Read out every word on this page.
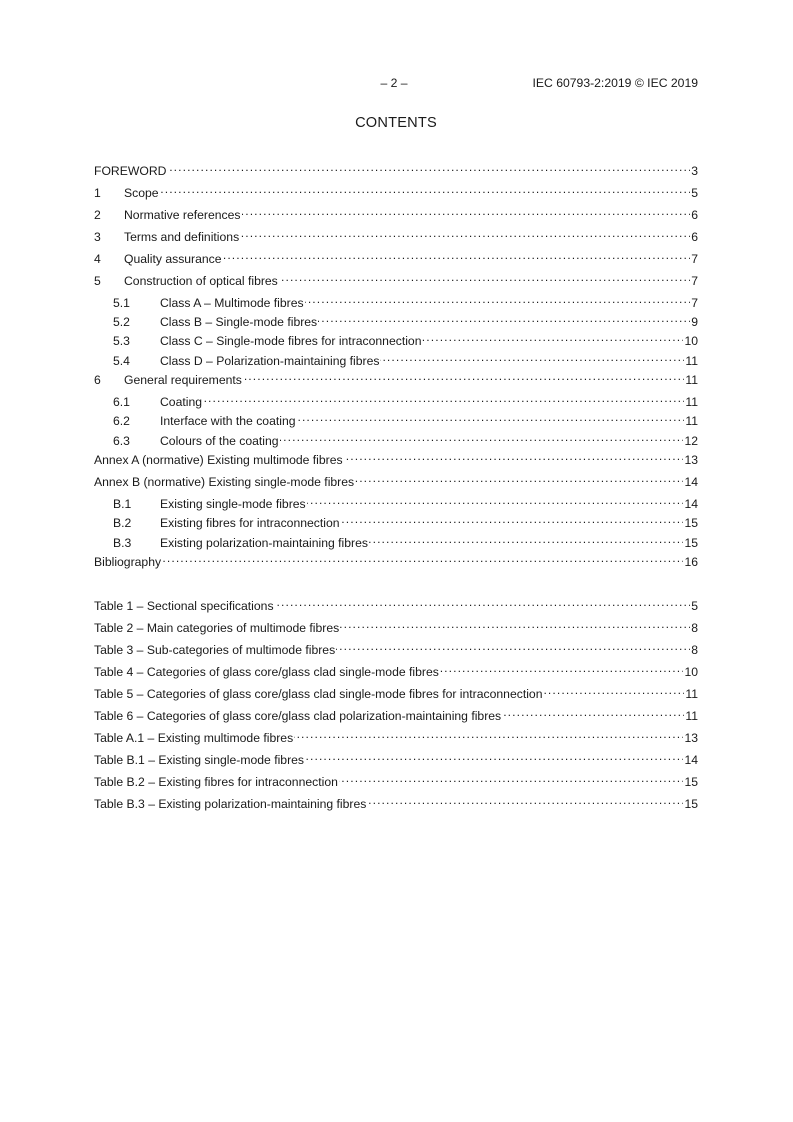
– 2 –	IEC 60793-2:2019 © IEC 2019
CONTENTS
FOREWORD . . .	3
1	Scope . . .	5
2	Normative references . . .	6
3	Terms and definitions . . .	6
4	Quality assurance . . .	7
5	Construction of optical fibres . . .	7
5.1	Class A – Multimode fibres . . .	7
5.2	Class B – Single-mode fibres . . .	9
5.3	Class C – Single-mode fibres for intraconnection . . .	10
5.4	Class D – Polarization-maintaining fibres . . .	11
6	General requirements . . .	11
6.1	Coating . . .	11
6.2	Interface with the coating . . .	11
6.3	Colours of the coating . . .	12
Annex A (normative) Existing multimode fibres . . .	13
Annex B (normative) Existing single-mode fibres . . .	14
B.1	Existing single-mode fibres . . .	14
B.2	Existing fibres for intraconnection . . .	15
B.3	Existing polarization-maintaining fibres . . .	15
Bibliography . . .	16
Table 1 – Sectional specifications . . .	5
Table 2 – Main categories of multimode fibres . . .	8
Table 3 – Sub-categories of multimode fibres . . .	8
Table 4 – Categories of glass core/glass clad single-mode fibres . . .	10
Table 5 – Categories of glass core/glass clad single-mode fibres for intraconnection . . .	11
Table 6 – Categories of glass core/glass clad polarization-maintaining fibres . . .	11
Table A.1 – Existing multimode fibres . . .	13
Table B.1 – Existing single-mode fibres . . .	14
Table B.2 – Existing fibres for intraconnection . . .	15
Table B.3 – Existing polarization-maintaining fibres . . .	15
